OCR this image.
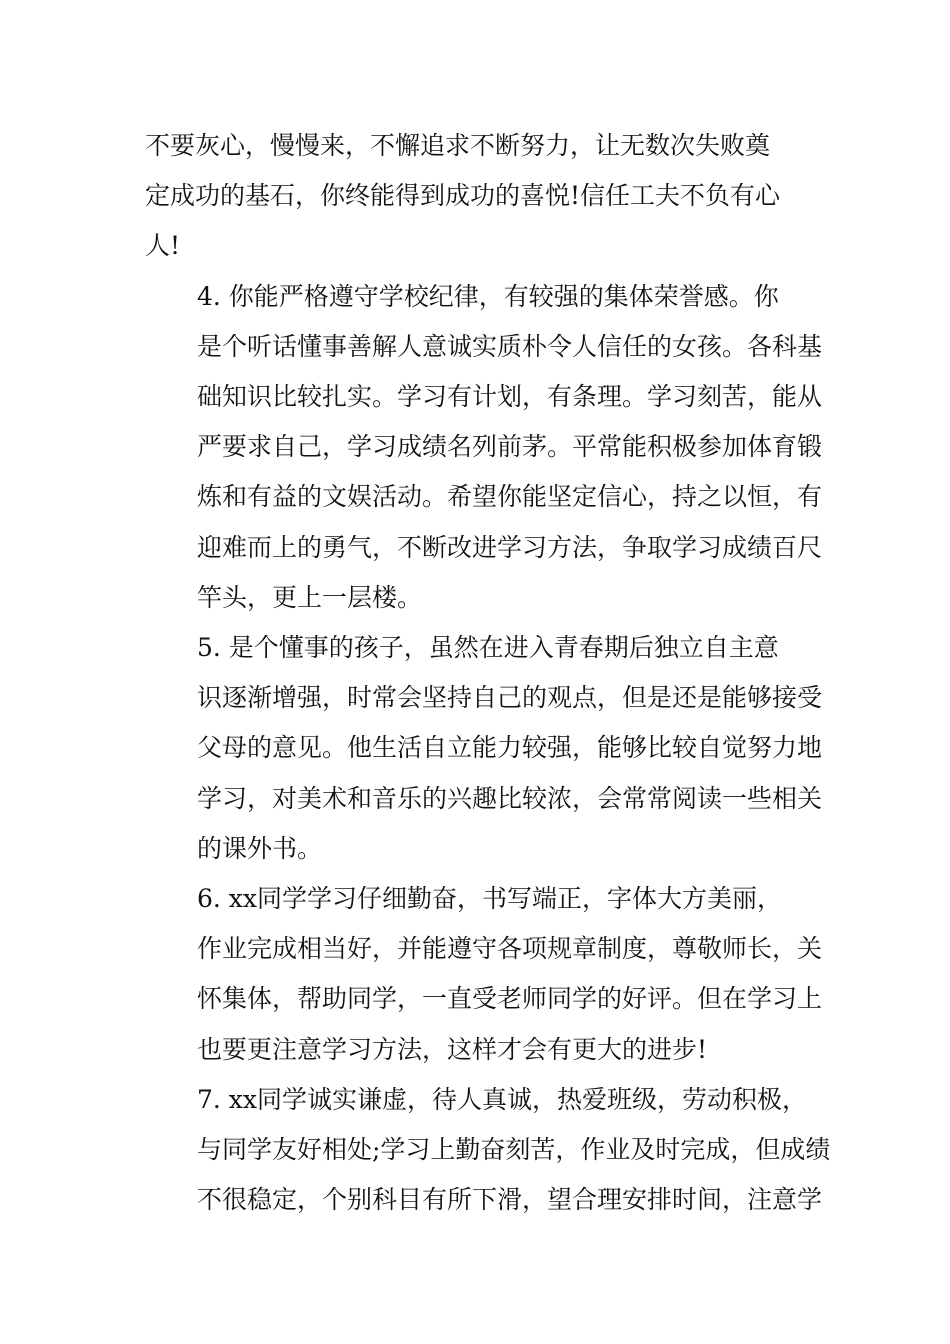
不要灰心，慢慢来，不懈追求不断努力，让无数次失败奠
定成功的基石，你终能得到成功的喜悦!信任工夫不负有心
人!

4. 你能严格遵守学校纪律，有较强的集体荣誉感。你
是个听话懂事善解人意诚实质朴令人信任的女孩。各科基
础知识比较扎实。学习有计划，有条理。学习刻苦，能从
严要求自己，学习成绩名列前茅。平常能积极参加体育锻
炼和有益的文娱活动。希望你能坚定信心，持之以恒，有
迎难而上的勇气，不断改进学习方法，争取学习成绩百尺
竿头，更上一层楼。

5. 是个懂事的孩子，虽然在进入青春期后独立自主意
识逐渐增强，时常会坚持自己的观点，但是还是能够接受
父母的意见。他生活自立能力较强，能够比较自觉努力地
学习，对美术和音乐的兴趣比较浓，会常常阅读一些相关
的课外书。

6. xx同学学习仔细勤奋，书写端正，字体大方美丽，
作业完成相当好，并能遵守各项规章制度，尊敬师长，关
怀集体，帮助同学，一直受老师同学的好评。但在学习上
也要更注意学习方法，这样才会有更大的进步!

7. xx同学诚实谦虚，待人真诚，热爱班级，劳动积极，
与同学友好相处;学习上勤奋刻苦，作业及时完成，但成绩
不很稳定，个别科目有所下滑，望合理安排时间，注意学
